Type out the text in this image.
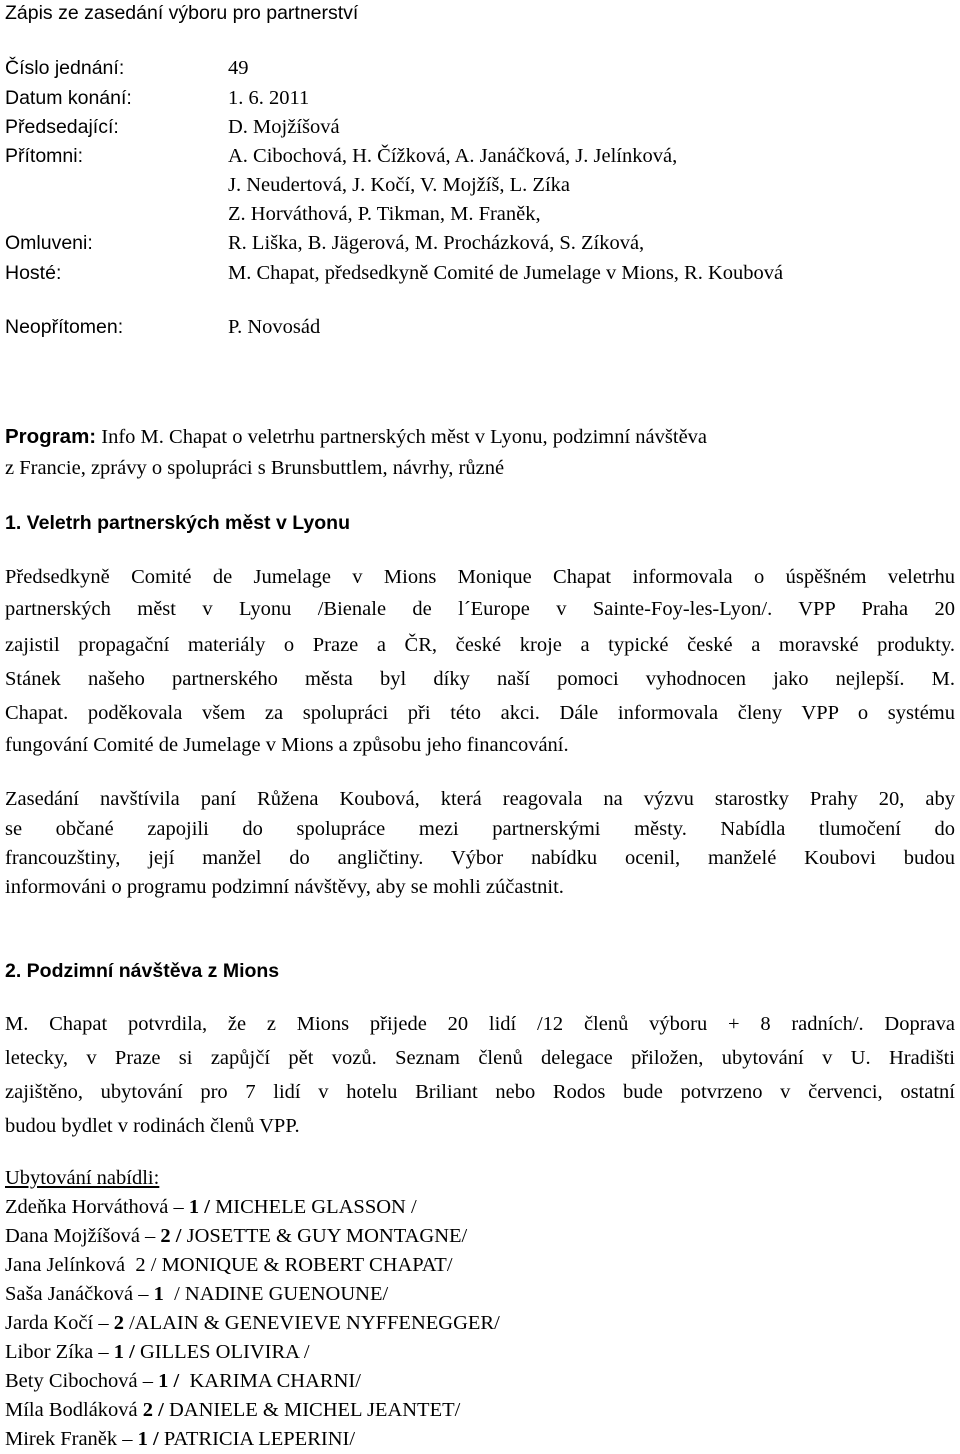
Zápis ze zasedání výboru pro partnerství
Číslo jednání:	49
Datum konání:	1. 6. 2011
Předsedající:	D. Mojžíšová
Přítomni:	A. Cibochová, H. Čížková, A. Janáčková, J. Jelínková,
J. Neudertová, J. Kočí, V. Mojžíš, L. Zíka
Z. Horváthová, P. Tikman, M. Franěk,
Omluveni:	R. Liška, B. Jägerová, M. Procházková, S. Zíková,
Hosté:	M. Chapat, předsedkyně Comité de Jumelage v Mions, R. Koubová
Neopřítomen:	P. Novosád
Program: Info M. Chapat o veletrhu partnerských měst v Lyonu, podzimní návštěva
z Francie, zprávy o spolupráci s Brunsbuttlem, návrhy, různé
1. Veletrh partnerských měst v Lyonu
Předsedkyně Comité de Jumelage v Mions Monique Chapat informovala o úspěšném veletrhu
partnerských měst v Lyonu /Bienale de l´Europe v Sainte-Foy-les-Lyon/. VPP Praha 20
zajistil propagační materiály o Praze a ČR, české kroje a typické české a moravské produkty.
Stánek našeho partnerského města byl díky naší pomoci vyhodnocen jako nejlepší. M.
Chapat. poděkovala všem za spolupráci při této akci. Dále informovala členy VPP o systému
fungování Comité de Jumelage v Mions a způsobu jeho financování.
Zasedání navštívila paní Růžena Koubová, která reagovala na výzvu starostky Prahy 20, aby
se občané zapojili do spolupráce mezi partnerskými městy. Nabídla tlumočení do
francouzštiny, její manžel do angličtiny. Výbor nabídku ocenil, manželé Koubovi budou
informováni o programu podzimní návštěvy, aby se mohli zúčastnit.
2. Podzimní návštěva z Mions
M. Chapat potvrdila, že z Mions přijede 20 lidí /12 členů výboru + 8 radních/. Doprava
letecky, v Praze si zapůjčí pět vozů. Seznam členů delegace přiložen, ubytování v U. Hradišti
zajištěno, ubytování pro 7 lidí v hotelu Briliant nebo Rodos bude potvrzeno v červenci, ostatní
budou bydlet v rodinách členů VPP.
Ubytování nabídli:
Zdeňka Horváthová – 1 / MICHELE GLASSON /
Dana Mojžíšová – 2 / JOSETTE & GUY MONTAGNE/
Jana Jelínková  2 / MONIQUE & ROBERT CHAPAT/
Saša Janáčková – 1  / NADINE GUENOUNE/
Jarda Kočí – 2 /ALAIN & GENEVIEVE NYFFENEGGER/
Libor Zíka – 1 / GILLES OLIVIRA /
Bety Cibochová – 1 /  KARIMA CHARNI/
Míla Bodláková 2 / DANIELE & MICHEL JEANTET/
Mirek Franěk – 1 / PATRICIA LEPERINI/
